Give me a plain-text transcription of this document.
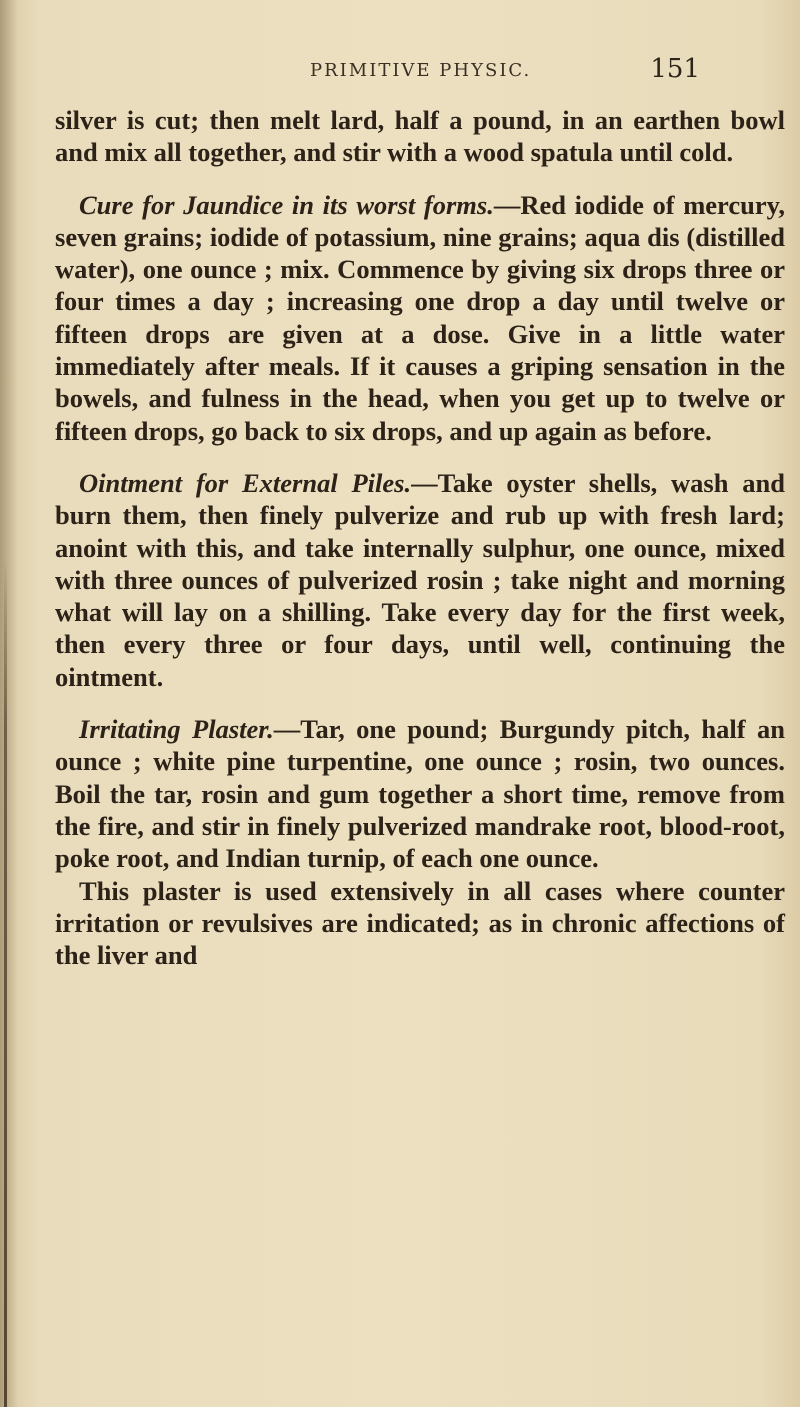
PRIMITIVE PHYSIC.	151

silver is cut; then melt lard, half a pound, in an earthen bowl and mix all together, and stir with a wood spatula until cold.

Cure for Jaundice in its worst forms.—Red iodide of mercury, seven grains; iodide of potassium, nine grains; aqua dis (distilled water), one ounce ; mix. Commence by giving six drops three or four times a day ; increasing one drop a day until twelve or fifteen drops are given at a dose. Give in a little water immediately after meals. If it causes a griping sensation in the bowels, and fulness in the head, when you get up to twelve or fifteen drops, go back to six drops, and up again as before.

Ointment for External Piles.—Take oyster shells, wash and burn them, then finely pulverize and rub up with fresh lard; anoint with this, and take internally sulphur, one ounce, mixed with three ounces of pulverized rosin ; take night and morning what will lay on a shilling. Take every day for the first week, then every three or four days, until well, continuing the ointment.

Irritating Plaster.—Tar, one pound; Burgundy pitch, half an ounce ; white pine turpentine, one ounce ; rosin, two ounces. Boil the tar, rosin and gum together a short time, remove from the fire, and stir in finely pulverized mandrake root, blood-root, poke root, and Indian turnip, of each one ounce.

This plaster is used extensively in all cases where counter irritation or revulsives are indicated; as in chronic affections of the liver and
